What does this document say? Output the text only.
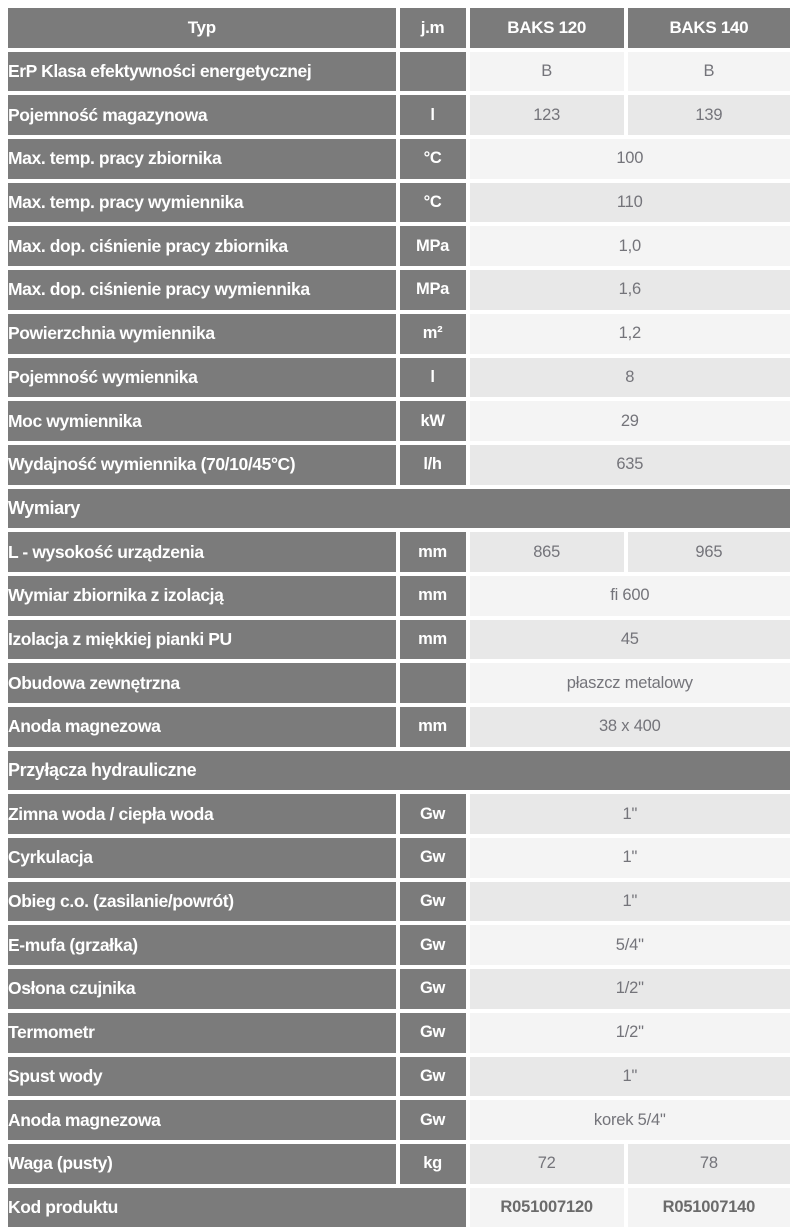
Typ	j.m	BAKS 120	BAKS 140
ErP Klasa efektywności energetycznej		B	B
Pojemność magazynowa	l	123	139
Max. temp. pracy zbiornika	°C	100	
Max. temp. pracy wymiennika	°C	110	
Max. dop. ciśnienie pracy zbiornika	MPa	1,0	
Max. dop. ciśnienie pracy wymiennika	MPa	1,6	
Powierzchnia wymiennika	m²	1,2	
Pojemność wymiennika	l	8	
Moc wymiennika	kW	29	
Wydajność wymiennika (70/10/45°C)	l/h	635	
Wymiary			
L - wysokość urządzenia	mm	865	965
Wymiar zbiornika z izolacją	mm	fi 600	
Izolacja z miękkiej pianki PU	mm	45	
Obudowa zewnętrzna		płaszcz metalowy	
Anoda magnezowa	mm	38 x 400	
Przyłącza hydrauliczne			
Zimna woda / ciepła woda	Gw	1"	
Cyrkulacja	Gw	1"	
Obieg c.o. (zasilanie/powrót)	Gw	1"	
E-mufa (grzałka)	Gw	5/4"	
Osłona czujnika	Gw	1/2"	
Termometr	Gw	1/2"	
Spust wody	Gw	1"	
Anoda magnezowa	Gw	korek 5/4"	
Waga (pusty)	kg	72	78
Kod produktu		R051007120	R051007140
